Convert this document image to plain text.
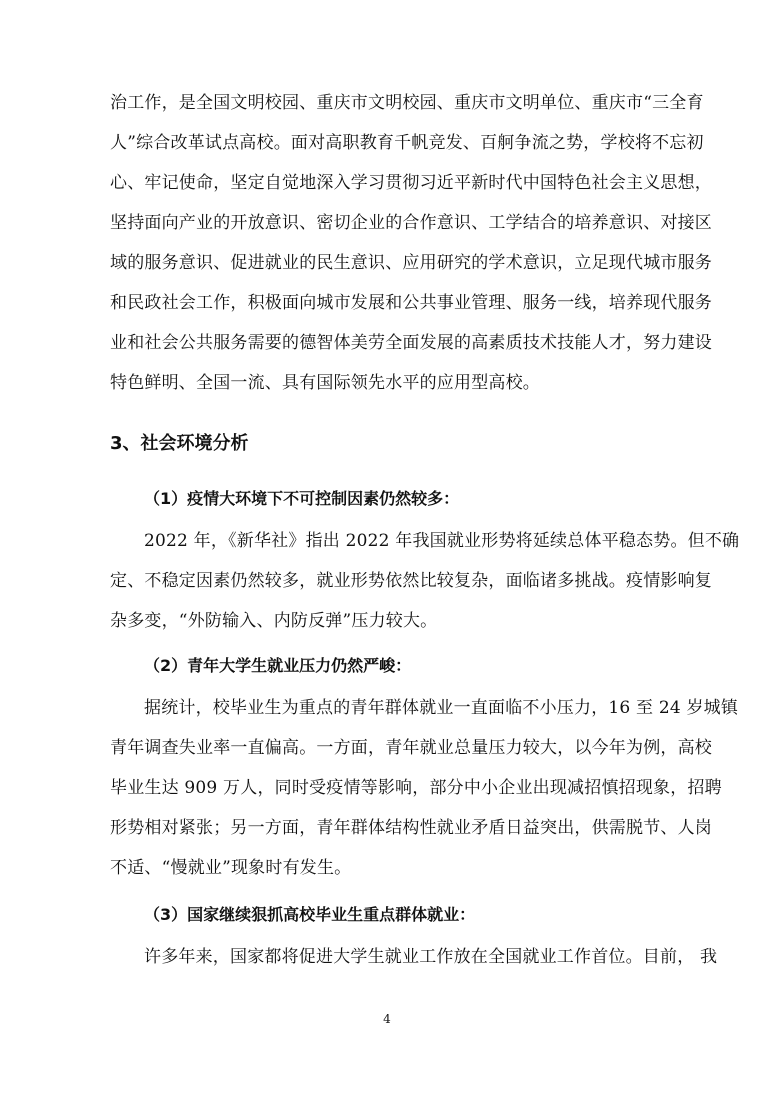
治工作，是全国文明校园、重庆市文明校园、重庆市文明单位、重庆市“三全育
人”综合改革试点高校。面对高职教育千帆竞发、百舸争流之势，学校将不忘初
心、牢记使命，坚定自觉地深入学习贯彻习近平新时代中国特色社会主义思想，
坚持面向产业的开放意识、密切企业的合作意识、工学结合的培养意识、对接区
域的服务意识、促进就业的民生意识、应用研究的学术意识，立足现代城市服务
和民政社会工作，积极面向城市发展和公共事业管理、服务一线，培养现代服务
业和社会公共服务需要的德智体美劳全面发展的高素质技术技能人才，努力建设
特色鲜明、全国一流、具有国际领先水平的应用型高校。
3、社会环境分析
（1）疫情大环境下不可控制因素仍然较多：
2022 年，《新华社》指出 2022 年我国就业形势将延续总体平稳态势。但不确
定、不稳定因素仍然较多，就业形势依然比较复杂，面临诸多挑战。疫情影响复
杂多变，“外防输入、内防反弹”压力较大。
（2）青年大学生就业压力仍然严峻：
据统计，校毕业生为重点的青年群体就业一直面临不小压力，16 至 24 岁城镇
青年调查失业率一直偏高。一方面，青年就业总量压力较大，以今年为例，高校
毕业生达 909 万人，同时受疫情等影响，部分中小企业出现减招慎招现象，招聘
形势相对紧张；另一方面，青年群体结构性就业矛盾日益突出，供需脱节、人岗
不适、“慢就业”现象时有发生。
（3）国家继续狠抓高校毕业生重点群体就业：
许多年来，国家都将促进大学生就业工作放在全国就业工作首位。目前， 我
4
